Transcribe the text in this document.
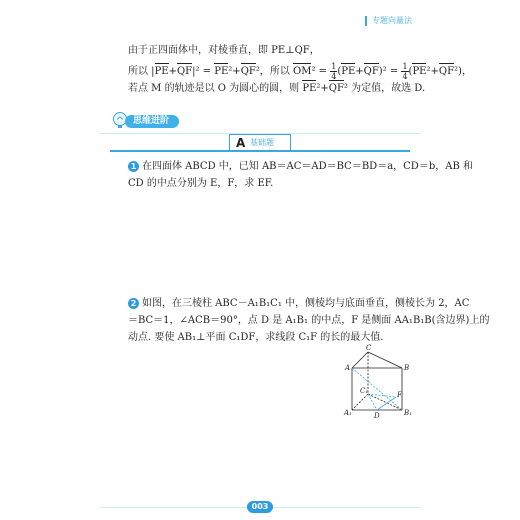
专题向量法
由于正四面体中，对棱垂直，即 PE⊥QF，
所以 |PE+QF|² = PE²+QF²，所以 $OM^2 = \frac{1}{4} (PE+QF)^2 = \frac{1}{4} (PE^2+QF^2)$，
若点 M 的轨迹是以 O 为圆心的圆，则 PE²+QF² 为定值，故选 D.
思维进阶
A 基础题
1 在四面体 ABCD 中，已知 AB＝AC＝AD＝BC＝BD＝a，CD＝b，AB 和
CD 的中点分别为 E，F，求 EF.
2 如图，在三棱柱 ABC－A₁B₁C₁ 中，侧棱均与底面垂直，侧棱长为 2，AC
＝BC＝1，∠ACB＝90°，点 D 是 A₁B₁ 的中点，F 是侧面 AA₁B₁B(含边界)上的
动点. 要使 AB₁⊥平面 C₁DF，求线段 C₁F 的长的最大值.
C
A	B
C₁
A₁	B₁
D
F
003
